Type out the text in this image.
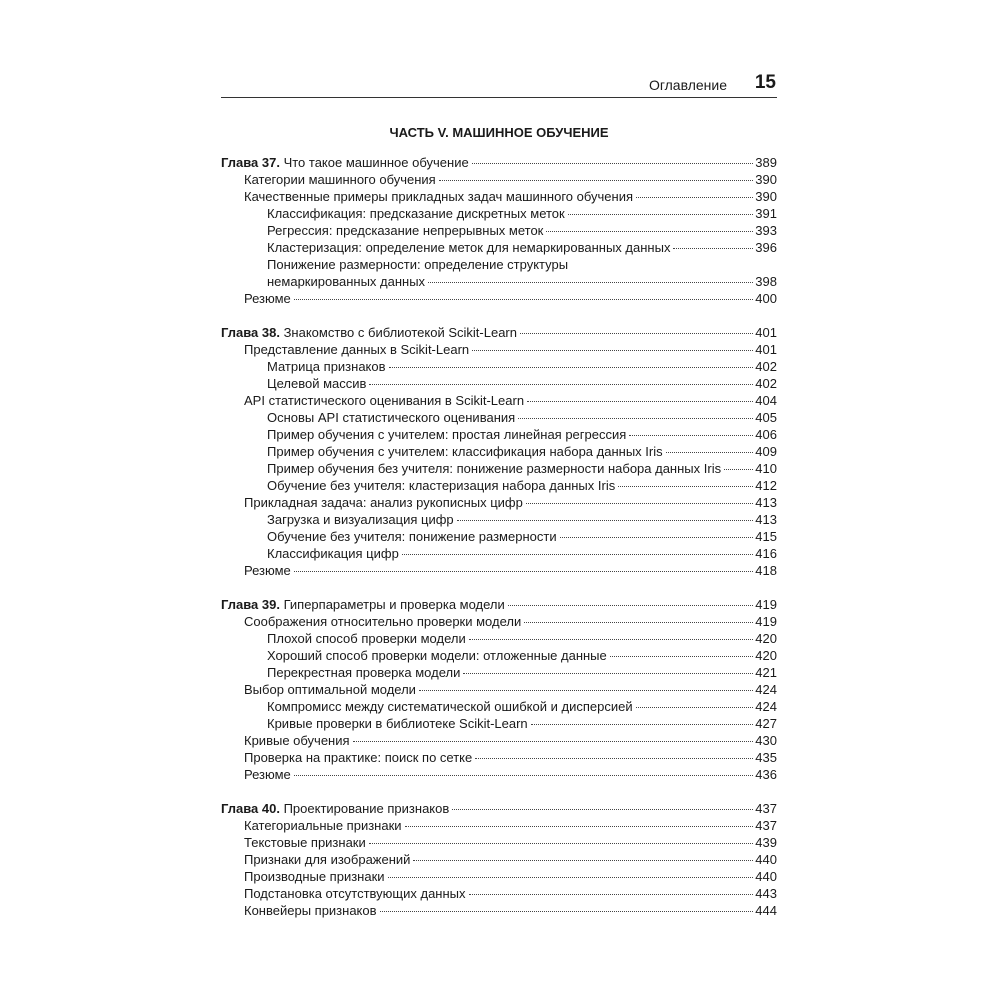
Оглавление 15
ЧАСТЬ V. МАШИННОЕ ОБУЧЕНИЕ
Глава 37. Что такое машинное обучение	389
Категории машинного обучения	390
Качественные примеры прикладных задач машинного обучения	390
Классификация: предсказание дискретных меток	391
Регрессия: предсказание непрерывных меток	393
Кластеризация: определение меток для немаркированных данных	396
Понижение размерности: определение структуры
немаркированных данных	398
Резюме	400
Глава 38. Знакомство с библиотекой Scikit-Learn	401
Представление данных в Scikit-Learn	401
Матрица признаков	402
Целевой массив	402
API статистического оценивания в Scikit-Learn	404
Основы API статистического оценивания	405
Пример обучения с учителем: простая линейная регрессия	406
Пример обучения с учителем: классификация набора данных Iris	409
Пример обучения без учителя: понижение размерности набора данных Iris	410
Обучение без учителя: кластеризация набора данных Iris	412
Прикладная задача: анализ рукописных цифр	413
Загрузка и визуализация цифр	413
Обучение без учителя: понижение размерности	415
Классификация цифр	416
Резюме	418
Глава 39. Гиперпараметры и проверка модели	419
Соображения относительно проверки модели	419
Плохой способ проверки модели	420
Хороший способ проверки модели: отложенные данные	420
Перекрестная проверка модели	421
Выбор оптимальной модели	424
Компромисс между систематической ошибкой и дисперсией	424
Кривые проверки в библиотеке Scikit-Learn	427
Кривые обучения	430
Проверка на практике: поиск по сетке	435
Резюме	436
Глава 40. Проектирование признаков	437
Категориальные признаки	437
Текстовые признаки	439
Признаки для изображений	440
Производные признаки	440
Подстановка отсутствующих данных	443
Конвейеры признаков	444
